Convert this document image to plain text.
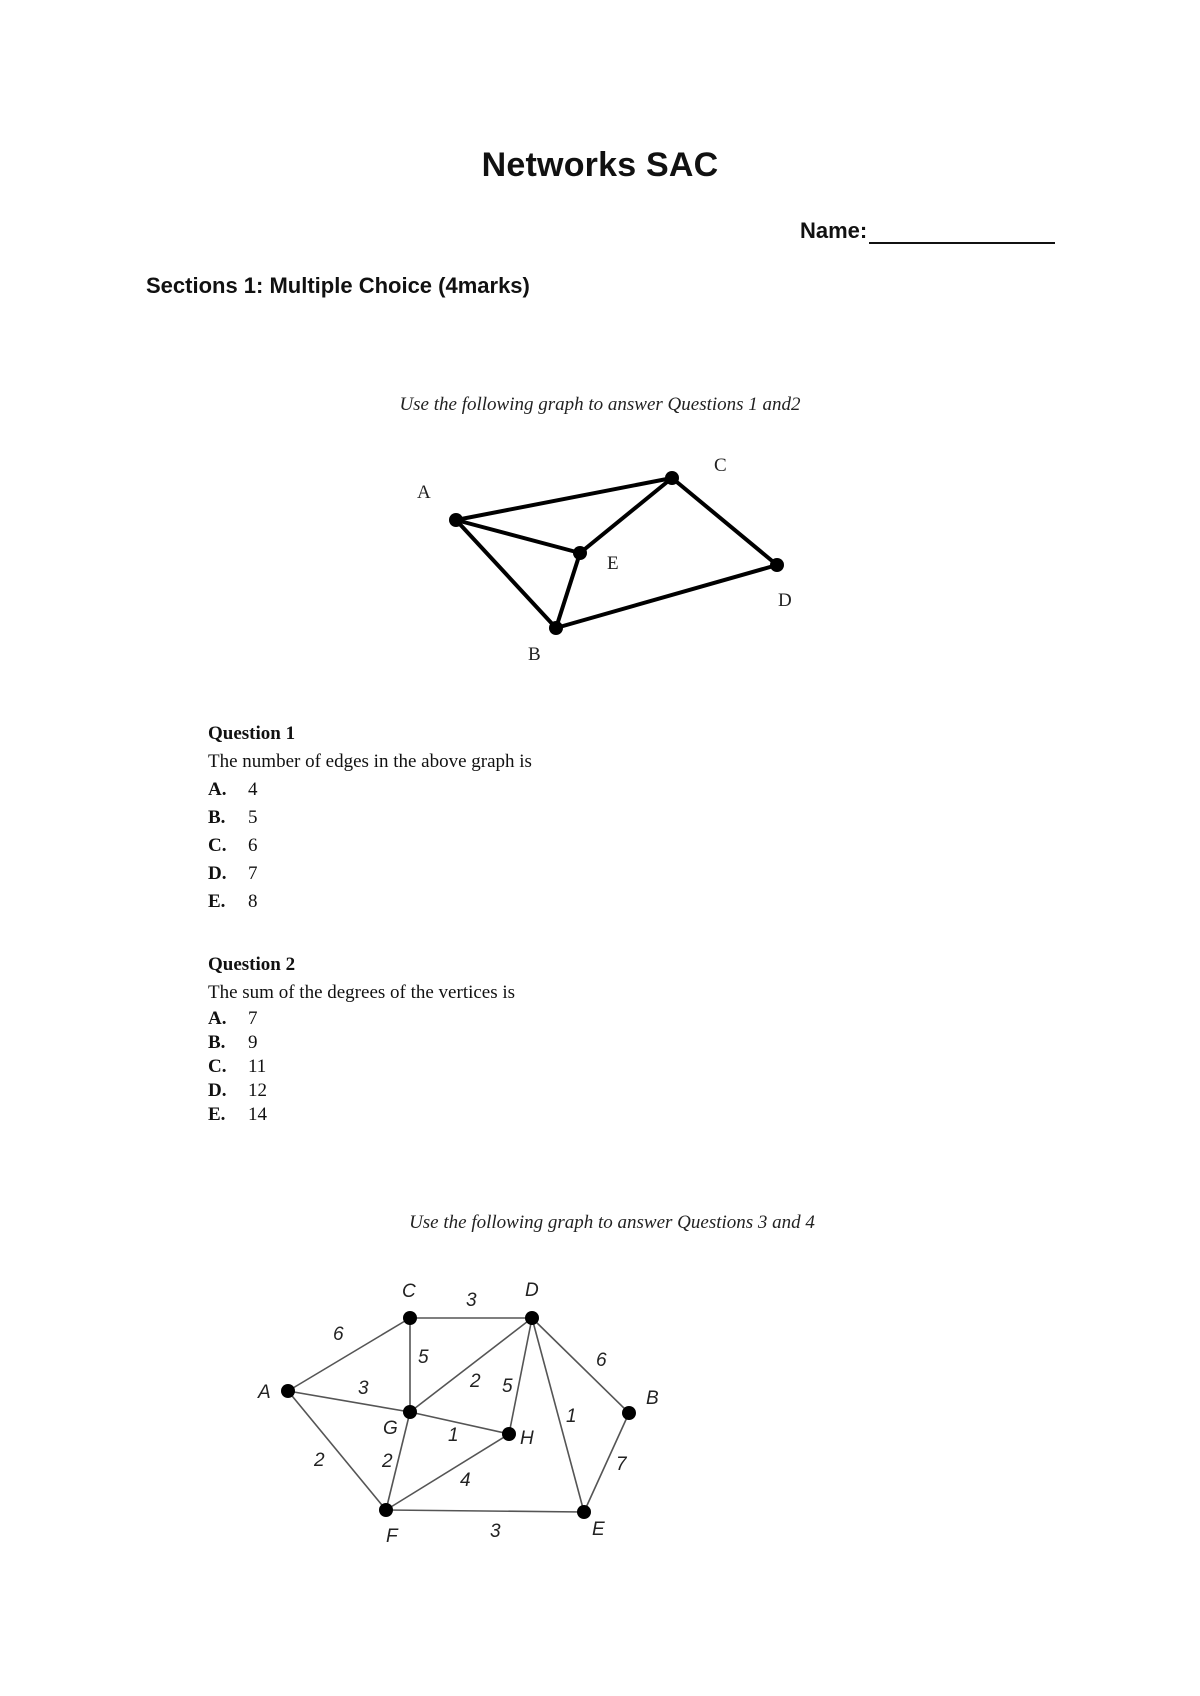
Networks SAC
Name:
Sections 1: Multiple Choice (4marks)
Use the following graph to answer Questions 1 and2
A
B
C
D
E
Question 1
The number of edges in the above graph is
A.	4
B.	5
C.	6
D.	7
E.	8
Question 2
The sum of the degrees of the vertices is
A.	7
B.	9
C.	11
D.	12
E.	14
Use the following graph to answer Questions 3 and 4
A	B
C	D
E
F
G	H
6
3
5
2 5
6
3
1
1
2	2
4
3
7
